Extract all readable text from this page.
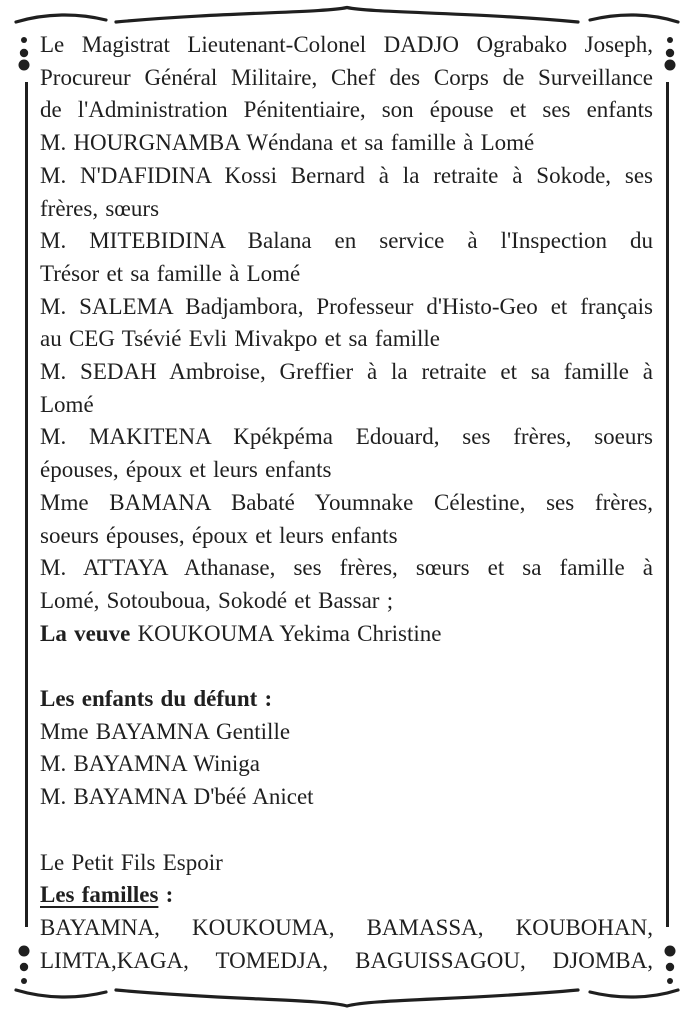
Le Magistrat Lieutenant-Colonel DADJO Ograbako Joseph,
Procureur Général Militaire, Chef des Corps de Surveillance
de l'Administration Pénitentiaire, son épouse et ses enfants
M. HOURGNAMBA Wéndana et sa famille à Lomé
M. N'DAFIDINA Kossi Bernard à la retraite à Sokode, ses
frères, sœurs
M. MITEBIDINA Balana en service à l'Inspection du
Trésor et sa famille à Lomé
M. SALEMA Badjambora, Professeur d'Histo-Geo et français
au CEG Tsévié Evli Mivakpo et sa famille
M. SEDAH Ambroise, Greffier à la retraite et sa famille à
Lomé
M. MAKITENA Kpékpéma Edouard, ses frères, soeurs
épouses, époux et leurs enfants
Mme BAMANA Babaté Youmnake Célestine, ses frères,
soeurs épouses, époux et leurs enfants
M. ATTAYA Athanase, ses frères, sœurs et sa famille à
Lomé, Sotouboua, Sokodé et Bassar ;
La veuve KOUKOUMA Yekima Christine

Les enfants du défunt :
Mme BAYAMNA Gentille
M. BAYAMNA Winiga
M. BAYAMNA D'béé Anicet

Le Petit Fils Espoir
Les familles :
BAYAMNA, KOUKOUMA, BAMASSA, KOUBOHAN,
LIMTA,KAGA, TOMEDJA, BAGUISSAGOU, DJOMBA,
